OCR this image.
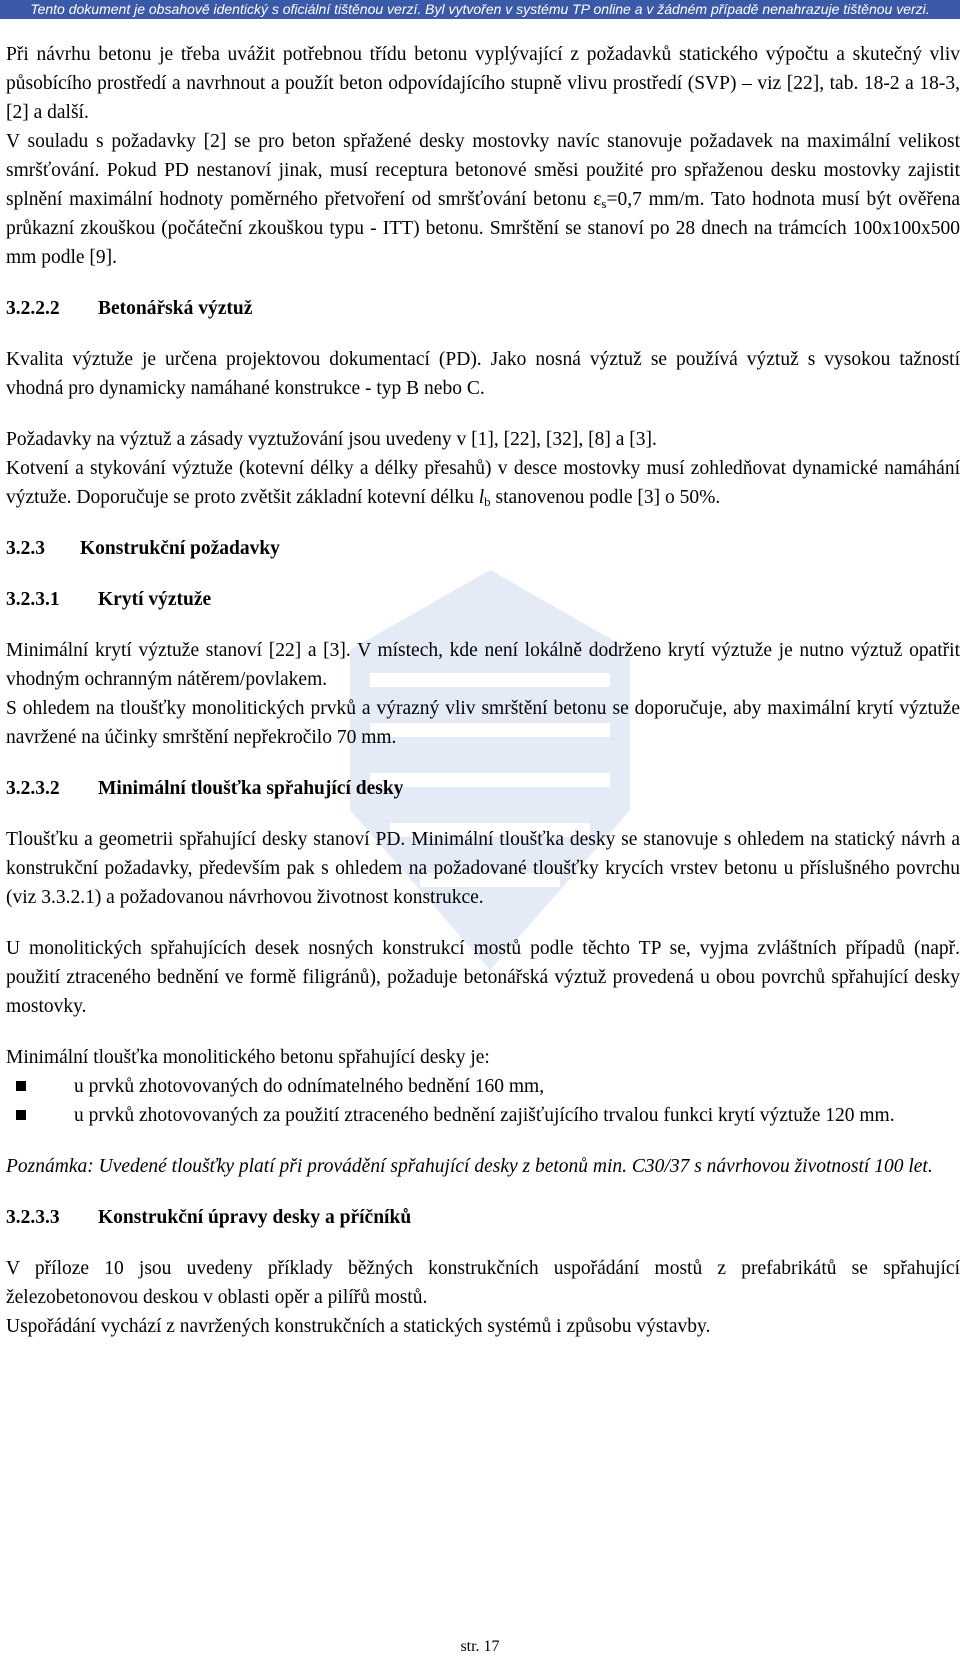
Tento dokument je obsahově identický s oficiální tištěnou verzí. Byl vytvořen v systému TP online a v žádném případě nenahrazuje tištěnou verzi.

Při návrhu betonu je třeba uvážit potřebnou třídu betonu vyplývající z požadavků statického výpočtu a skutečný vliv působícího prostředí a navrhnout a použít beton odpovídajícího stupně vlivu prostředí (SVP) – viz [22], tab. 18-2 a 18-3, [2] a další.

V souladu s požadavky [2] se pro beton spřažené desky mostovky navíc stanovuje požadavek na maximální velikost smršťování. Pokud PD nestanoví jinak, musí receptura betonové směsi použité pro spřaženou desku mostovky zajistit splnění maximální hodnoty poměrného přetvoření od smršťování betonu $\varepsilon_s=0,7$ mm/m. Tato hodnota musí být ověřena průkazní zkouškou (počáteční zkouškou typu - ITT) betonu. Smrštění se stanoví po 28 dnech na trámcích 100x100x500 mm podle [9].

3.2.2.2	Betonářská výztuž

Kvalita výztuže je určena projektovou dokumentací (PD). Jako nosná výztuž se používá výztuž s vysokou tažností vhodná pro dynamicky namáhané konstrukce - typ B nebo C.

Požadavky na výztuž a zásady vyztužování jsou uvedeny v [1], [22], [32], [8] a [3].

Kotvení a stykování výztuže (kotevní délky a délky přesahů) v desce mostovky musí zohledňovat dynamické namáhání výztuže. Doporučuje se proto zvětšit základní kotevní délku $l_b$ stanovenou podle [3] o 50%.

3.2.3	Konstrukční požadavky
3.2.3.1	Krytí výztuže

Minimální krytí výztuže stanoví [22] a [3]. V místech, kde není lokálně dodrženo krytí výztuže je nutno výztuž opatřit vhodným ochranným nátěrem/povlakem.

S ohledem na tloušťky monolitických prvků a výrazný vliv smrštění betonu se doporučuje, aby maximální krytí výztuže navržené na účinky smrštění nepřekročilo 70 mm.

3.2.3.2	Minimální tloušťka spřahující desky

Tloušťku a geometrii spřahující desky stanoví PD. Minimální tloušťka desky se stanovuje s ohledem na statický návrh a konstrukční požadavky, především pak s ohledem na požadované tloušťky krycích vrstev betonu u příslušného povrchu (viz 3.3.2.1) a požadovanou návrhovou životnost konstrukce.

U monolitických spřahujících desek nosných konstrukcí mostů podle těchto TP se, vyjma zvláštních případů (např. použití ztraceného bednění ve formě filigránů), požaduje betonářská výztuž provedená u obou povrchů spřahující desky mostovky.

Minimální tloušťka monolitického betonu spřahující desky je:

u prvků zhotovovaných do odnímatelného bednění 160 mm,
u prvků zhotovovaných za použití ztraceného bednění zajišťujícího trvalou funkci krytí výztuže 120 mm.

Poznámka: Uvedené tloušťky platí při provádění spřahující desky z betonů min. C30/37 s návrhovou životností 100 let.

3.2.3.3	Konstrukční úpravy desky a příčníků

V příloze 10 jsou uvedeny příklady běžných konstrukčních uspořádání mostů z prefabrikátů se spřahující železobetonovou deskou v oblasti opěr a pilířů mostů.

Uspořádání vychází z navržených konstrukčních a statických systémů i způsobu výstavby.

str. 17
